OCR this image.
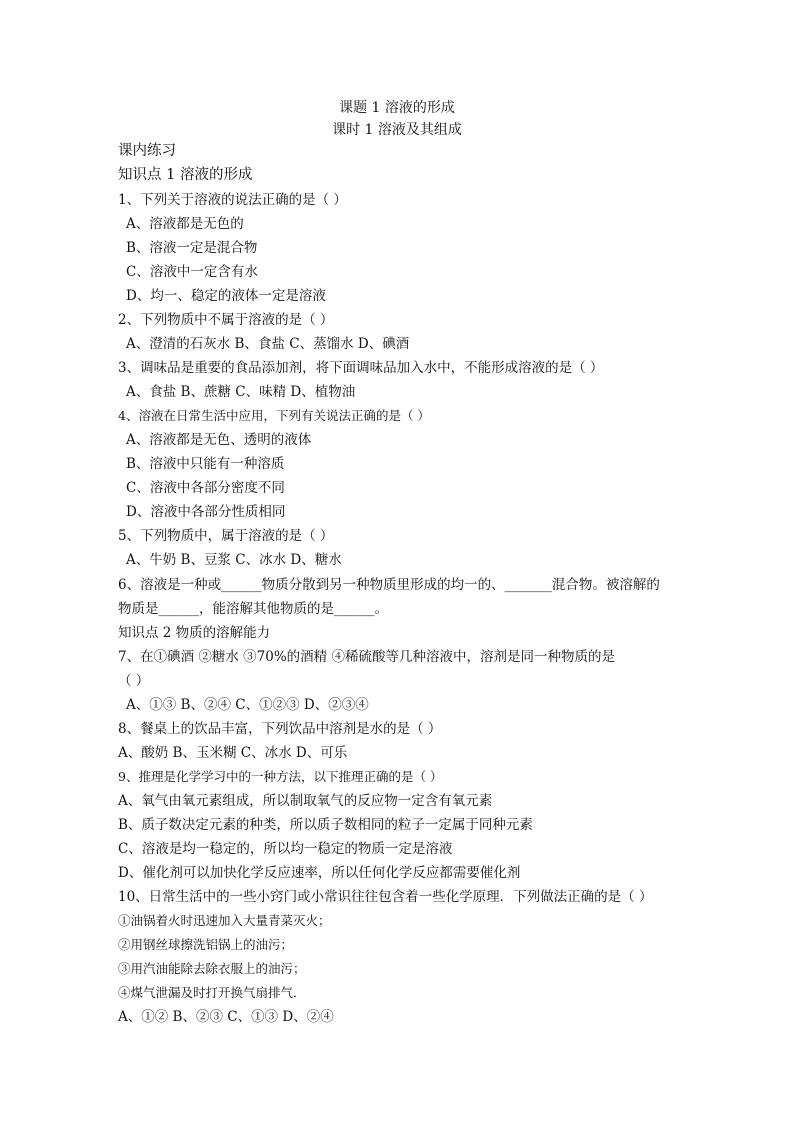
课题 1 溶液的形成
课时 1 溶液及其组成
课内练习
知识点 1 溶液的形成
1、下列关于溶液的说法正确的是（ ）
A、溶液都是无色的
B、溶液一定是混合物
C、溶液中一定含有水
D、均一、稳定的液体一定是溶液
2、下列物质中不属于溶液的是（ ）
A、澄清的石灰水 B、食盐 C、蒸馏水 D、碘酒
3、调味品是重要的食品添加剂，将下面调味品加入水中，不能形成溶液的是（ ）
A、食盐 B、蔗糖 C、味精 D、植物油
4、溶液在日常生活中应用，下列有关说法正确的是（ ）
A、溶液都是无色、透明的液体
B、溶液中只能有一种溶质
C、溶液中各部分密度不同
D、溶液中各部分性质相同
5、下列物质中，属于溶液的是（ ）
A、牛奶 B、豆浆 C、冰水 D、糖水
6、溶液是一种或______物质分散到另一种物质里形成的均一的、_______混合物。被溶解的
物质是______，能溶解其他物质的是______。
知识点 2 物质的溶解能力
7、在①碘酒 ②糖水 ③70%的酒精 ④稀硫酸等几种溶液中，溶剂是同一种物质的是
（ ）
A、①③ B、②④ C、①②③ D、②③④
8、餐桌上的饮品丰富，下列饮品中溶剂是水的是（ ）
A、酸奶 B、玉米糊 C、冰水 D、可乐
9、推理是化学学习中的一种方法，以下推理正确的是（ ）
A、氧气由氧元素组成，所以制取氧气的反应物一定含有氧元素
B、质子数决定元素的种类，所以质子数相同的粒子一定属于同种元素
C、溶液是均一稳定的，所以均一稳定的物质一定是溶液
D、催化剂可以加快化学反应速率，所以任何化学反应都需要催化剂
10、日常生活中的一些小窍门或小常识往往包含着一些化学原理．下列做法正确的是（ ）
①油锅着火时迅速加入大量青菜灭火；
②用钢丝球擦洗铝锅上的油污；
③用汽油能除去除衣服上的油污；
④煤气泄漏及时打开换气扇排气．
A、①② B、②③ C、①③ D、②④
